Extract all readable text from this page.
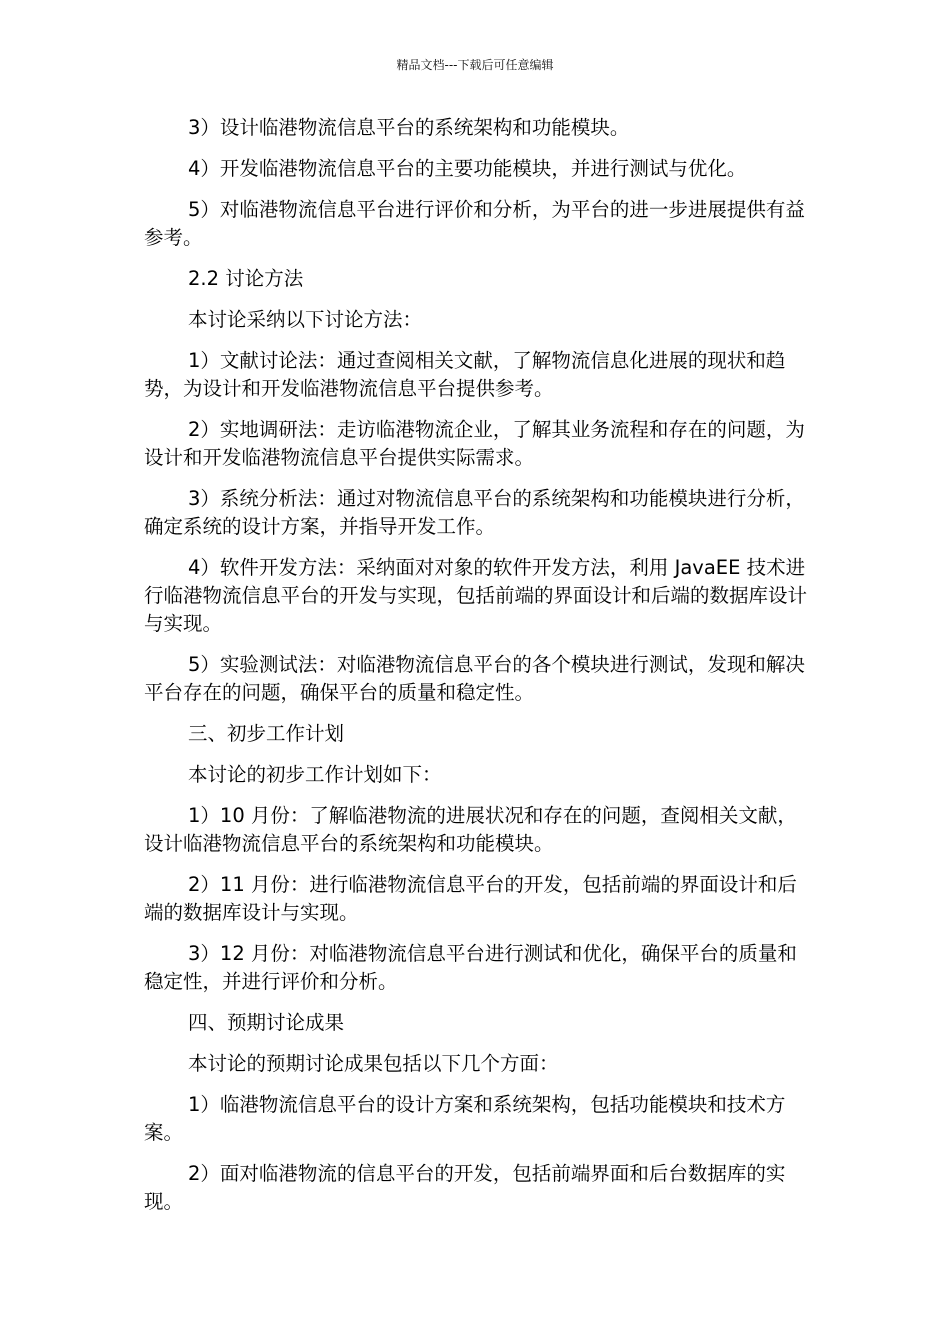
精品文档---下载后可任意编辑

3）设计临港物流信息平台的系统架构和功能模块。

4）开发临港物流信息平台的主要功能模块，并进行测试与优化。

5）对临港物流信息平台进行评价和分析，为平台的进一步进展提供有益参考。

2.2 讨论方法

本讨论采纳以下讨论方法：

1）文献讨论法：通过查阅相关文献，了解物流信息化进展的现状和趋势，为设计和开发临港物流信息平台提供参考。

2）实地调研法：走访临港物流企业，了解其业务流程和存在的问题，为设计和开发临港物流信息平台提供实际需求。

3）系统分析法：通过对物流信息平台的系统架构和功能模块进行分析，确定系统的设计方案，并指导开发工作。

4）软件开发方法：采纳面对对象的软件开发方法，利用 JavaEE 技术进行临港物流信息平台的开发与实现，包括前端的界面设计和后端的数据库设计与实现。

5）实验测试法：对临港物流信息平台的各个模块进行测试，发现和解决平台存在的问题，确保平台的质量和稳定性。

三、初步工作计划

本讨论的初步工作计划如下：

1）10 月份：了解临港物流的进展状况和存在的问题，查阅相关文献，设计临港物流信息平台的系统架构和功能模块。

2）11 月份：进行临港物流信息平台的开发，包括前端的界面设计和后端的数据库设计与实现。

3）12 月份：对临港物流信息平台进行测试和优化，确保平台的质量和稳定性，并进行评价和分析。

四、预期讨论成果

本讨论的预期讨论成果包括以下几个方面：

1）临港物流信息平台的设计方案和系统架构，包括功能模块和技术方案。

2）面对临港物流的信息平台的开发，包括前端界面和后台数据库的实现。
